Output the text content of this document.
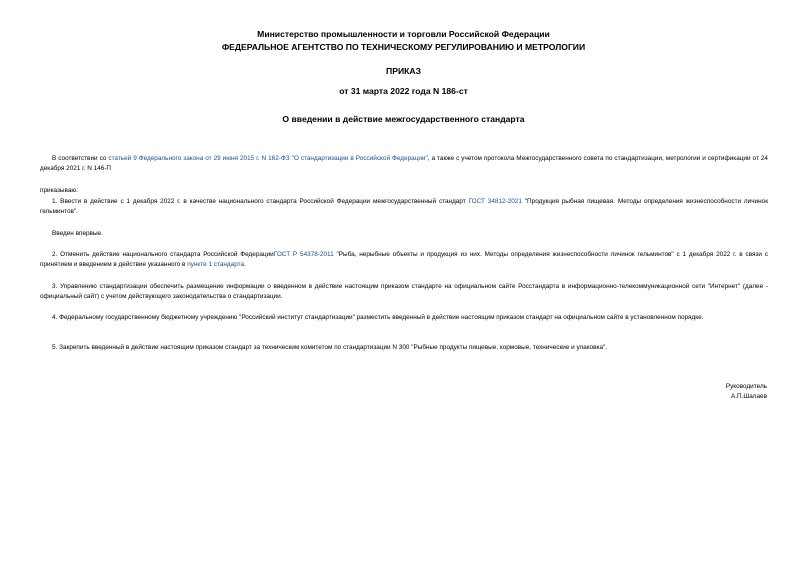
Министерство промышленности и торговли Российской Федерации
ФЕДЕРАЛЬНОЕ АГЕНТСТВО ПО ТЕХНИЧЕСКОМУ РЕГУЛИРОВАНИЮ И МЕТРОЛОГИИ
ПРИКАЗ
от 31 марта 2022 года N 186-ст
О введении в действие межгосударственного стандарта
В соответствии со статьей 9 Федерального закона от 29 июня 2015 г. N 162-ФЗ "О стандартизации в Российской Федерации", а также с учетом протокола Межгосударственного совета по стандартизации, метрологии и сертификации от 24 декабря 2021 г. N 146-П
приказываю:
1. Ввести в действие с 1 декабря 2022 г. в качестве национального стандарта Российской Федерации межгосударственный стандарт ГОСТ 34812-2021 "Продукция рыбная пищевая. Методы определения жизнеспособности личинок гельминтов".
Введен впервые.
2. Отменить действие национального стандарта Российской ФедерацииГОСТ Р 54378-2011 "Рыба, нерыбные объекты и продукция из них. Методы определения жизнеспособности личинок гельминтов" с 1 декабря 2022 г. в связи с принятием и введением в действие указанного в пункте 1 стандарта.
3. Управлению стандартизации обеспечить размещение информации о введенном в действие настоящим приказом стандарте на официальном сайте Росстандарта в информационно-телекоммуникационной сети "Интернет" (далее - официальный сайт) с учетом действующего законодательства о стандартизации.
4. Федеральному государственному бюджетному учреждению "Российский институт стандартизации" разместить введенный в действие настоящим приказом стандарт на официальном сайте в установленном порядке.
5. Закрепить введенный в действие настоящим приказом стандарт за техническим комитетом по стандартизации N 300 "Рыбные продукты пищевые, кормовые, технические и упаковка".
Руководитель
А.П.Шалаев
